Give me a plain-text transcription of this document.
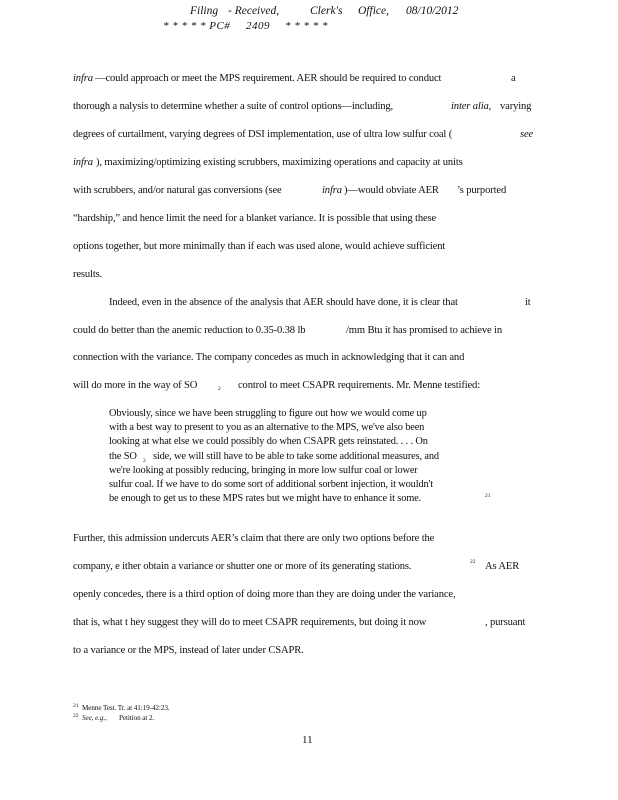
Filing - Received,	Clerk's Office, 08/10/2012
* * * * * PC# 2409 * * * * *
infra —could approach or meet the MPS requirement. AER should be required to conduct	a
thorough a nalysis to determine whether a suite of control options—including,	inter alia, varying
degrees of curtailment, varying degrees of DSI implementation, use of ultra low sulfur coal (	see
infra ), maximizing/optimizing existing scrubbers, maximizing operations and capacity at units
with scrubbers, and/or natural gas conversions (see	infra )—would obviate AER ’s purported
“hardship,” and hence limit the need for a blanket variance. It is possible that using these
options together, but more minimally than if each was used alone, would achieve sufficient
results.
Indeed, even in the absence of the analysis that AER should have done, it is clear that	it
could do better than the anemic reduction to 0.35-0.38 lb	/mm Btu it has promised to achieve in
connection with the variance. The company concedes as much in acknowledging that it can and
will do more in the way of SO	2 control to meet CSAPR requirements. Mr. Menne testified:
Obviously, since we have been struggling to figure out how we would come up
with a best way to present to you as an alternative to the MPS, we've also been
looking at what else we could possibly do when CSAPR gets reinstated. . . . On
the SO 2 side, we will still have to be able to take some additional measures, and
we're looking at possibly reducing, bringing in more low sulfur coal or lower
sulfur coal. If we have to do some sort of additional sorbent injection, it wouldn't
be enough to get us to these MPS rates but we might have to enhance it some.	21
Further, this admission undercuts AER’s claim that there are only two options before the
company, e ither obtain a variance or shutter one or more of its generating stations.	22 As AER
openly concedes, there is a third option of doing more than they are doing under the variance,
that is, what t hey suggest they will do to meet CSAPR requirements, but doing it now	, pursuant
to a variance or the MPS, instead of later under CSAPR.
21 Menne Test. Tr. at 41:19-42:23.
22 See, e.g., Petition at 2.
11
